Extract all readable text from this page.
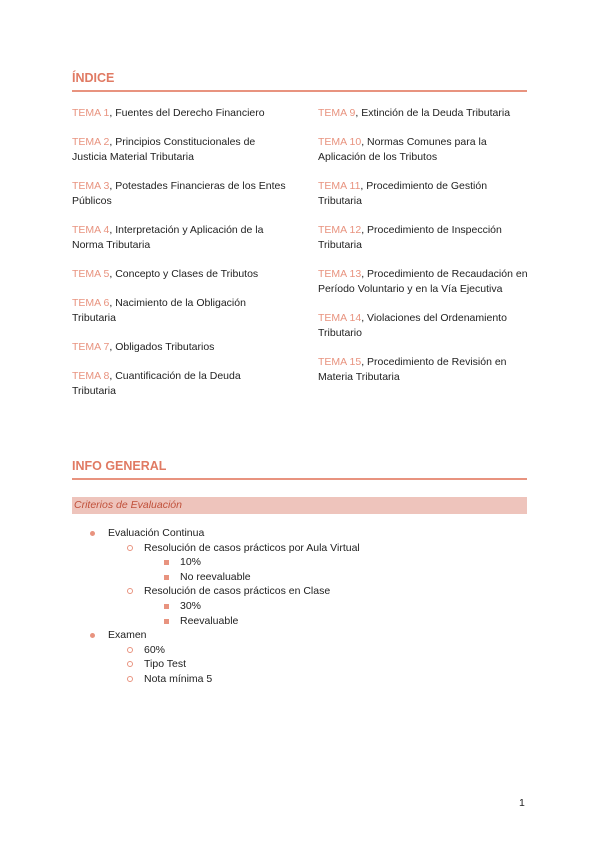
ÍNDICE
TEMA 1, Fuentes del Derecho Financiero
TEMA 2, Principios Constitucionales de Justicia Material Tributaria
TEMA 3, Potestades Financieras de los Entes Públicos
TEMA 4, Interpretación y Aplicación de la Norma Tributaria
TEMA 5, Concepto y Clases de Tributos
TEMA 6, Nacimiento de la Obligación Tributaria
TEMA 7, Obligados Tributarios
TEMA 8, Cuantificación de la Deuda Tributaria
TEMA 9, Extinción de la Deuda Tributaria
TEMA 10, Normas Comunes para la Aplicación de los Tributos
TEMA 11, Procedimiento de Gestión Tributaria
TEMA 12, Procedimiento de Inspección Tributaria
TEMA 13, Procedimiento de Recaudación en Período Voluntario y en la Vía Ejecutiva
TEMA 14, Violaciones del Ordenamiento Tributario
TEMA 15, Procedimiento de Revisión en Materia Tributaria
INFO GENERAL
Criterios de Evaluación
Evaluación Continua
Resolución de casos prácticos por Aula Virtual
10%
No reevaluable
Resolución de casos prácticos en Clase
30%
Reevaluable
Examen
60%
Tipo Test
Nota mínima 5
1
